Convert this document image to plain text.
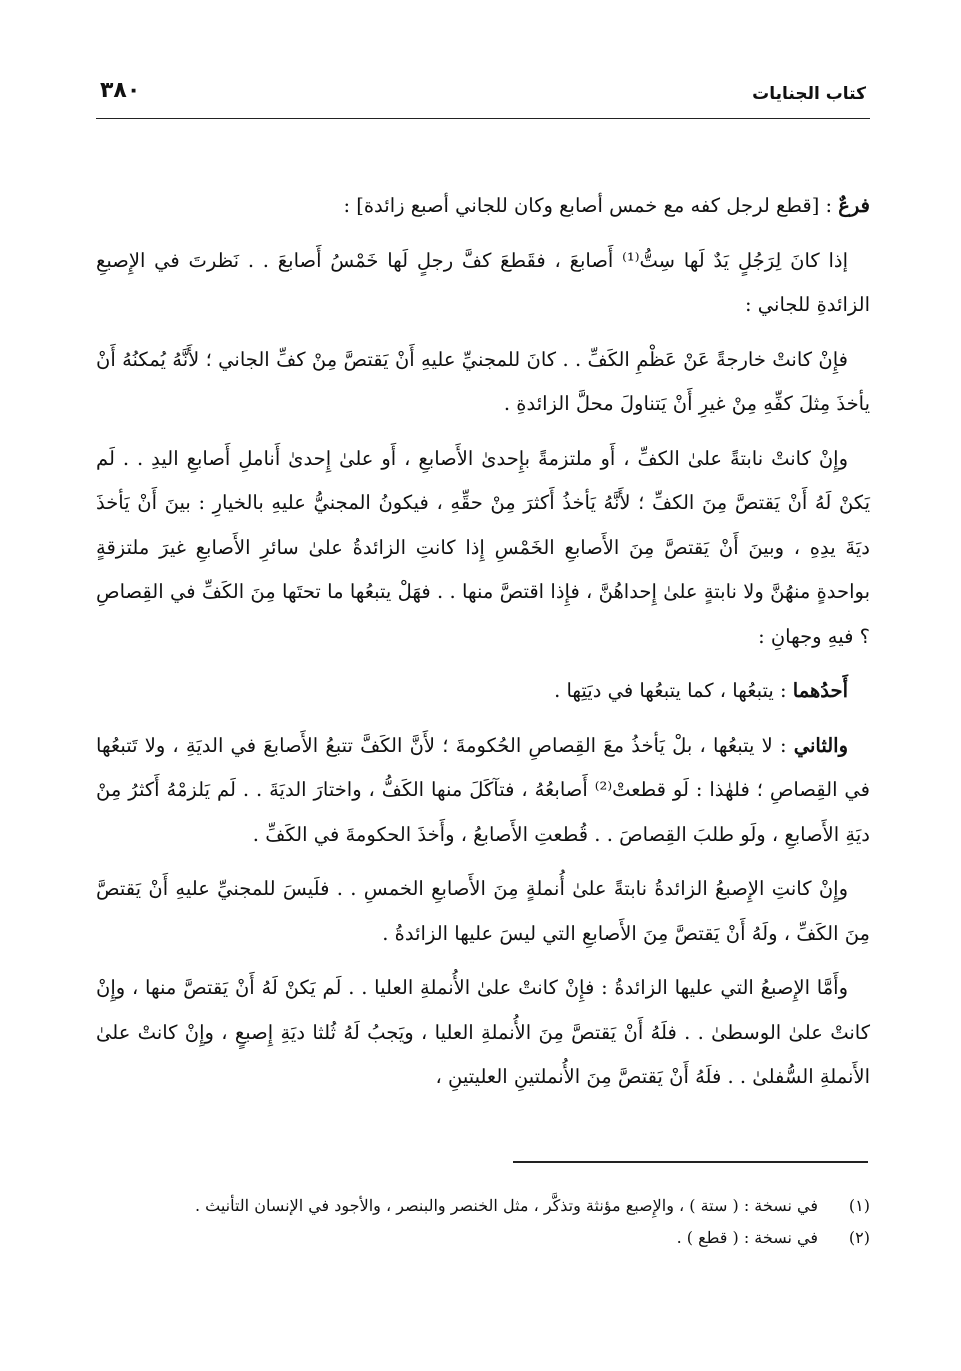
كتاب الجنايات
٣٨٠

فرعٌ : [قطع لرجل كفه مع خمس أصابع وكان للجاني أصبع زائدة] :

إذا كانَ لِرَجُلٍ يَدٌ لَها سِتُّ⁽¹⁾ أَصابعَ ، فقَطعَ كفَّ رجلٍ لَها خَمْسُ أَصابعَ . . نَظرتَ في الإِصبعِ الزائدةِ للجاني :

فإِنْ كانتْ خارجةً عَنْ عَظْمِ الكَفِّ . . كانَ للمجنيِّ عليهِ أَنْ يَقتصَّ مِنْ كفِّ الجاني ؛ لأَنَّهُ يُمكنُهُ أَنْ يأخذَ مِثلَ كفِّهِ مِنْ غيرِ أَنْ يَتناولَ محلَّ الزائدةِ .

وإِنْ كانتْ نابتةً علىٰ الكفِّ ، أَو ملتزمةً بإِحدىٰ الأَصابعِ ، أَو علىٰ إِحدىٰ أَناملِ أَصابعِ اليدِ . . لَم يَكنْ لَهُ أَنْ يَقتصَّ مِنَ الكفِّ ؛ لأَنَّهُ يَأخذُ أَكثرَ مِنْ حقِّهِ ، فيكونُ المجنيُّ عليهِ بالخيارِ : بينَ أَنْ يَأخذَ ديَةَ يدِهِ ، وبينَ أَنْ يَقتصَّ مِنَ الأَصابعِ الخَمْسِ إِذا كانتِ الزائدةُ علىٰ سائرِ الأَصابعِ غيرَ ملتزقةٍ بواحدةٍ منهُنَّ ولا نابتةٍ علىٰ إِحداهُنَّ ، فإِذا اقتصَّ منها . . فهَلْ يتبعُها ما تحتَها مِنَ الكَفِّ في القِصاصِ ؟ فيهِ وجهانِ :

أَحدُهما : يتبعُها ، كما يتبعُها في ديَتِها .

والثاني : لا يتبعُها ، بلْ يَأخذُ معَ القِصاصِ الحُكومةَ ؛ لأَنَّ الكَفَّ تتبعُ الأَصابعَ في الديَةِ ، ولا تَتبعُها في القِصاصِ ؛ فلهٰذا : لَو قطعتْ⁽²⁾ أَصابعُهُ ، فتآكَلَ منها الكَفُّ ، واختارَ الديَةَ . . لَم يَلزمْهُ أَكثرُ مِنْ ديَةِ الأَصابعِ ، ولَو طلبَ القِصاصَ . . قُطعتِ الأَصابعُ ، وأَخذَ الحكومةَ في الكَفِّ .

وإِنْ كانتِ الإِصبعُ الزائدةُ نابتةً علىٰ أُنملةٍ مِنَ الأَصابعِ الخمسِ . . فلَيسَ للمجنيِّ عليهِ أَنْ يَقتصَّ مِنَ الكَفِّ ، ولَهُ أَنْ يَقتصَّ مِنَ الأَصابعِ التي ليسَ عليها الزائدةُ .

وأَمَّا الإِصبعُ التي عليها الزائدةُ : فإِنْ كانتْ علىٰ الأُنملةِ العليا . . لَم يَكنْ لَهُ أَنْ يَقتصَّ منها ، وإِنْ كانتْ علىٰ الوسطىٰ . . فلَهُ أَنْ يَقتصَّ مِنَ الأُنملةِ العليا ، ويَجبُ لَهُ ثُلثا ديَةِ إِصبعٍ ، وإِنْ كانتْ علىٰ الأَنملةِ السُّفلىٰ . . فلَهُ أَنْ يَقتصَّ مِنَ الأُنملتينِ العليتينِ ،

(١)
في نسخة : ( ستة ) ، والإِصبع مؤنثة وتذكَّر ، مثل الخنصر والبنصر ، والأجود في الإنسان التأنيث .
(٢)
في نسخة : ( قطع ) .
